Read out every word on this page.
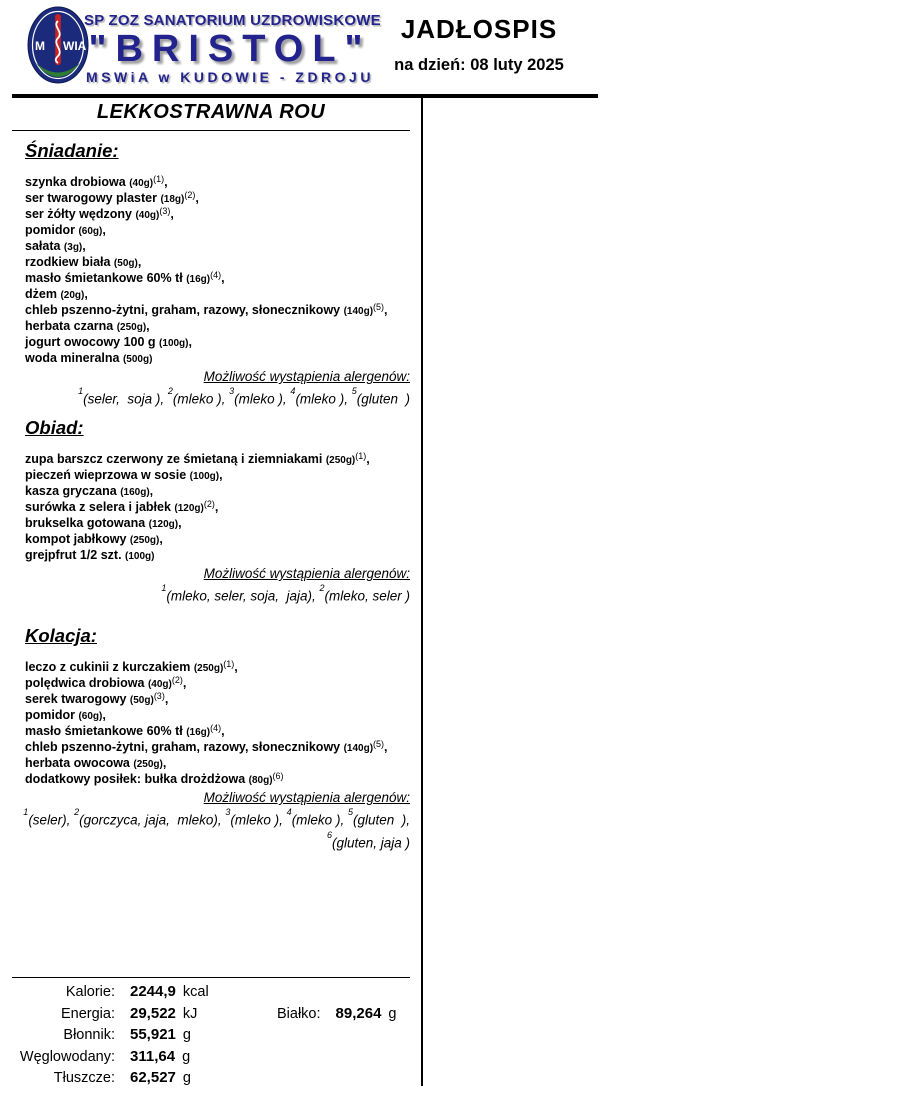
M WIA
SP ZOZ SANATORIUM UZDROWISKOWE
"BRISTOL"
MSWiA w KUDOWIE - ZDROJU
JADŁOSPIS
na dzień: 08 luty 2025
LEKKOSTRAWNA ROU
Śniadanie:
szynka drobiowa $(40g)^{(1)}$,
ser twarogowy plaster $(18g)^{(2)}$,
ser żółty wędzony $(40g)^{(3)}$,
pomidor (60g),
sałata (3g),
rzodkiew biała (50g),
masło śmietankowe 60% tł $(16g)^{(4)}$,
dżem (20g),
chleb pszenno-żytni, graham, razowy, słonecznikowy $(140g)^{(5)}$,
herbata czarna (250g),
jogurt owocowy 100 g (100g),
woda mineralna (500g)
Możliwość wystąpienia alergenów:
$^1$(seler,  soja ), $^2$(mleko ), $^3$(mleko ), $^4$(mleko ), $^5$(gluten  )
Obiad:
zupa barszcz czerwony ze śmietaną i ziemniakami $(250g)^{(1)}$,
pieczeń wieprzowa w sosie (100g),
kasza gryczana (160g),
surówka z selera i jabłek $(120g)^{(2)}$,
brukselka gotowana (120g),
kompot jabłkowy (250g),
grejpfrut 1/2 szt. (100g)
Możliwość wystąpienia alergenów:
$^1$(mleko, seler, soja,  jaja), $^2$(mleko, seler )
Kolacja:
leczo z cukinii z kurczakiem $(250g)^{(1)}$,
polędwica drobiowa $(40g)^{(2)}$,
serek twarogowy $(50g)^{(3)}$,
pomidor (60g),
masło śmietankowe 60% tł $(16g)^{(4)}$,
chleb pszenno-żytni, graham, razowy, słonecznikowy $(140g)^{(5)}$,
herbata owocowa (250g),
dodatkowy posiłek: bułka drożdżowa $(80g)^{(6)}$
Możliwość wystąpienia alergenów:
$^1$(seler), $^2$(gorczyca, jaja,  mleko), $^3$(mleko ), $^4$(mleko ), $^5$(gluten  ),
$^6$(gluten, jaja )
Kalorie: 2244,9 kcal
Energia: 29,522 kJ	Białko: 89,264 g
Błonnik: 55,921 g
Węglowodany: 311,64 g
Tłuszcze: 62,527 g
